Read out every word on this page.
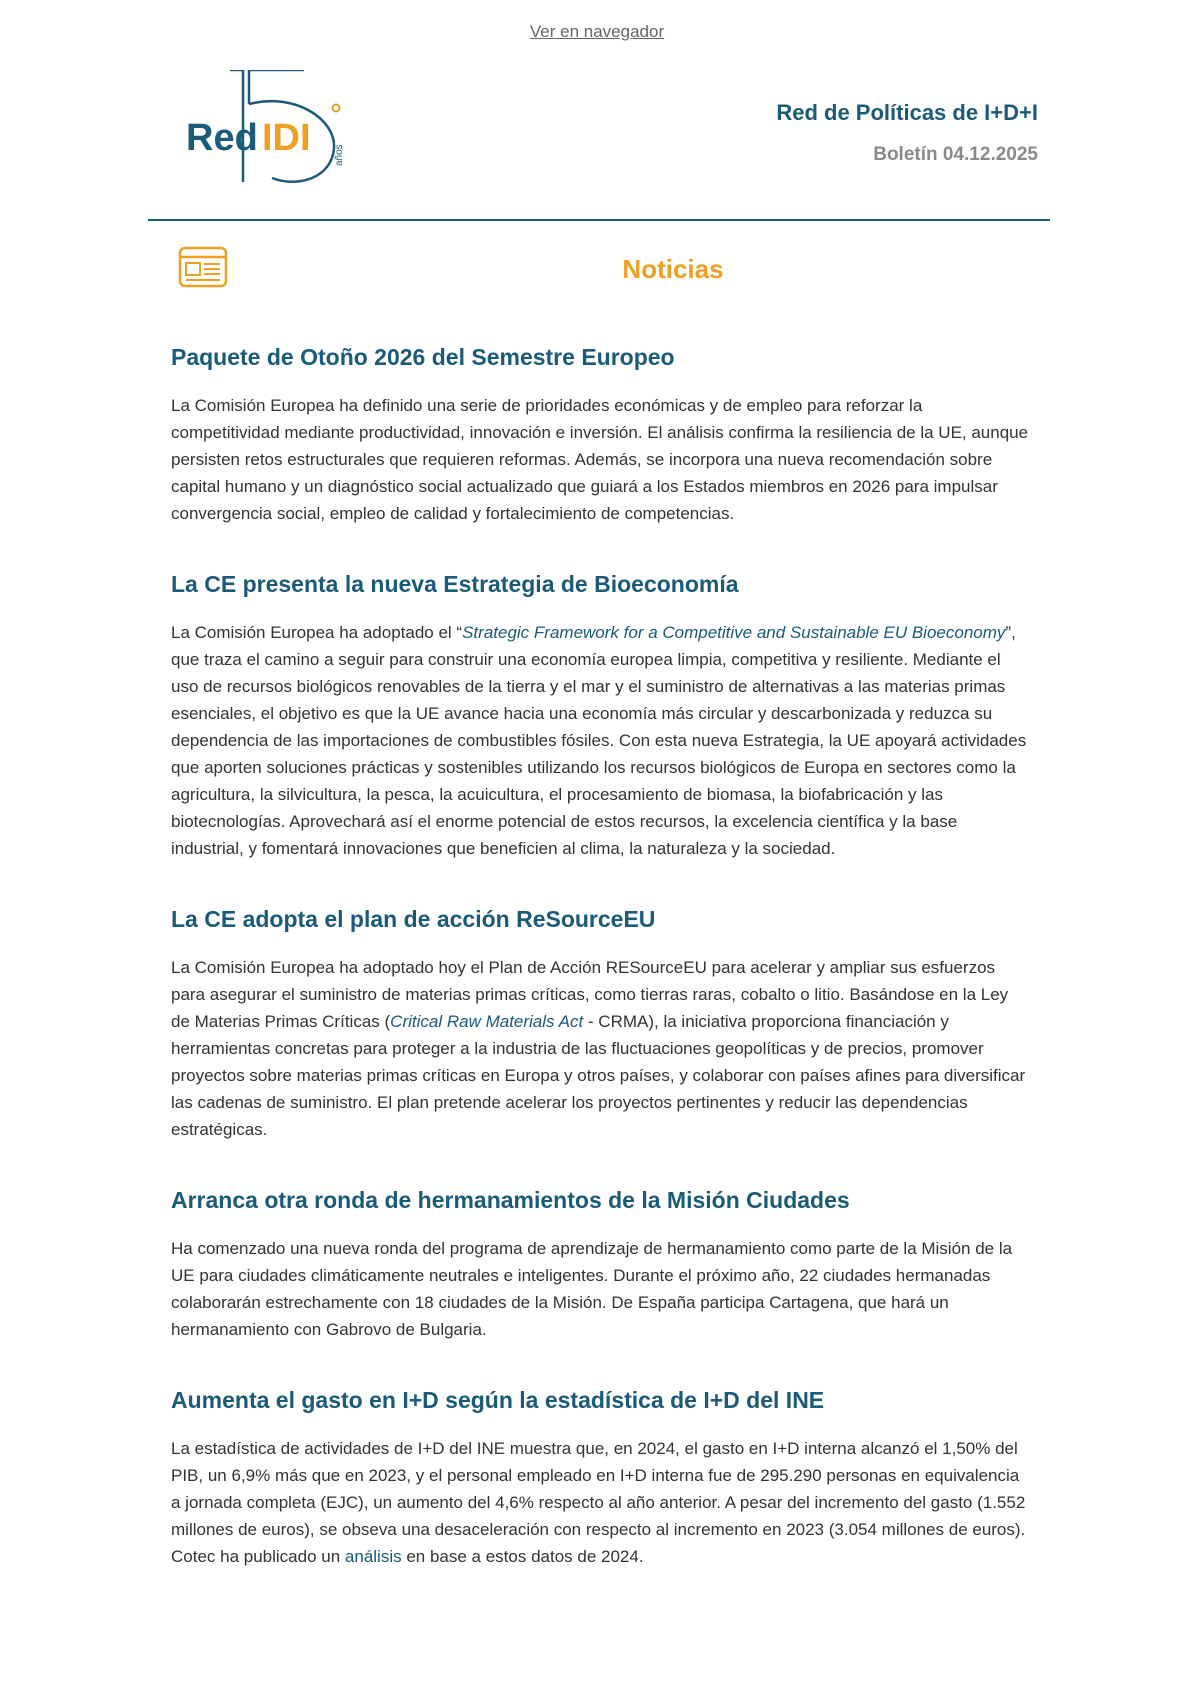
Ver en navegador
Red IDI años
Red de Políticas de I+D+I
Boletín 04.12.2025
Noticias
Paquete de Otoño 2026 del Semestre Europeo

La Comisión Europea ha definido una serie de prioridades económicas y de empleo para reforzar la competitividad mediante productividad, innovación e inversión. El análisis confirma la resiliencia de la UE, aunque persisten retos estructurales que requieren reformas. Además, se incorpora una nueva recomendación sobre capital humano y un diagnóstico social actualizado que guiará a los Estados miembros en 2026 para impulsar convergencia social, empleo de calidad y fortalecimiento de competencias.

La CE presenta la nueva Estrategia de Bioeconomía

La Comisión Europea ha adoptado el “Strategic Framework for a Competitive and Sustainable EU Bioeconomy”, que traza el camino a seguir para construir una economía europea limpia, competitiva y resiliente. Mediante el uso de recursos biológicos renovables de la tierra y el mar y el suministro de alternativas a las materias primas esenciales, el objetivo es que la UE avance hacia una economía más circular y descarbonizada y reduzca su dependencia de las importaciones de combustibles fósiles. Con esta nueva Estrategia, la UE apoyará actividades que aporten soluciones prácticas y sostenibles utilizando los recursos biológicos de Europa en sectores como la agricultura, la silvicultura, la pesca, la acuicultura, el procesamiento de biomasa, la biofabricación y las biotecnologías. Aprovechará así el enorme potencial de estos recursos, la excelencia científica y la base industrial, y fomentará innovaciones que beneficien al clima, la naturaleza y la sociedad.

La CE adopta el plan de acción ReSourceEU

La Comisión Europea ha adoptado hoy el Plan de Acción RESourceEU para acelerar y ampliar sus esfuerzos para asegurar el suministro de materias primas críticas, como tierras raras, cobalto o litio. Basándose en la Ley de Materias Primas Críticas (Critical Raw Materials Act - CRMA), la iniciativa proporciona financiación y herramientas concretas para proteger a la industria de las fluctuaciones geopolíticas y de precios, promover proyectos sobre materias primas críticas en Europa y otros países, y colaborar con países afines para diversificar las cadenas de suministro. El plan pretende acelerar los proyectos pertinentes y reducir las dependencias estratégicas.

Arranca otra ronda de hermanamientos de la Misión Ciudades

Ha comenzado una nueva ronda del programa de aprendizaje de hermanamiento como parte de la Misión de la UE para ciudades climáticamente neutrales e inteligentes. Durante el próximo año, 22 ciudades hermanadas colaborarán estrechamente con 18 ciudades de la Misión. De España participa Cartagena, que hará un hermanamiento con Gabrovo de Bulgaria.

Aumenta el gasto en I+D según la estadística de I+D del INE

La estadística de actividades de I+D del INE muestra que, en 2024, el gasto en I+D interna alcanzó el 1,50% del PIB, un 6,9% más que en 2023, y el personal empleado en I+D interna fue de 295.290 personas en equivalencia a jornada completa (EJC), un aumento del 4,6% respecto al año anterior. A pesar del incremento del gasto (1.552 millones de euros), se obseva una desaceleración con respecto al incremento en 2023 (3.054 millones de euros). Cotec ha publicado un análisis en base a estos datos de 2024.
